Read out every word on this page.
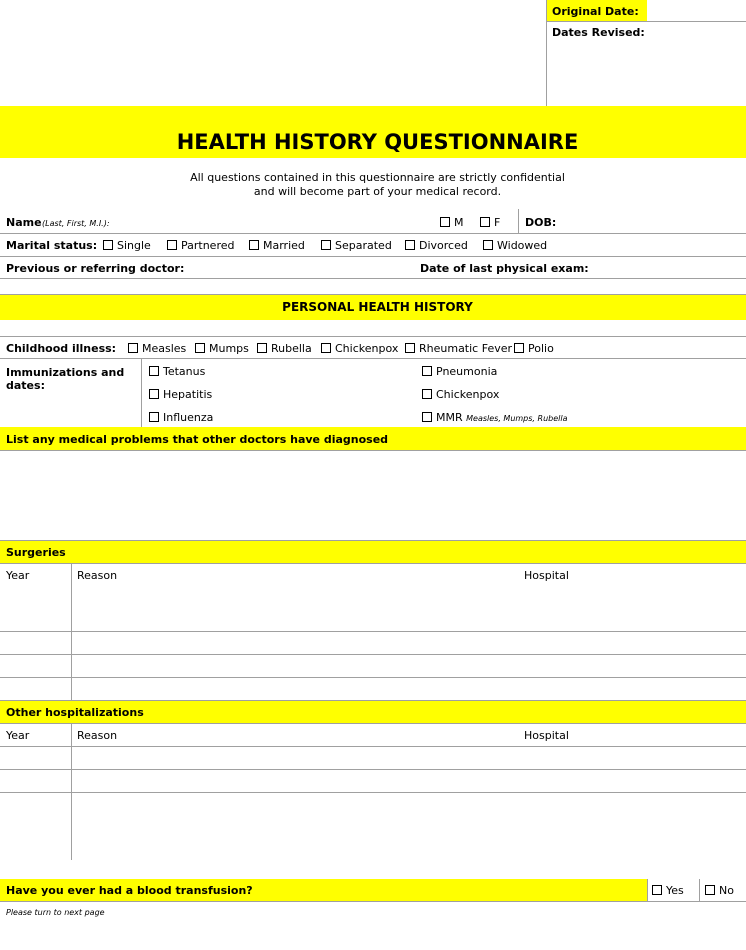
Original Date:
Dates Revised:
HEALTH HISTORY QUESTIONNAIRE
All questions contained in this questionnaire are strictly confidential
and will become part of your medical record.
Name (Last, First, M.I.):	M	F DOB:
Marital status:	Single	Partnered	Married	Separated	Divorced	Widowed
Previous or referring doctor:	Date of last physical exam:
PERSONAL HEALTH HISTORY
Childhood illness:	Measles	Mumps	Rubella	Chickenpox	Rheumatic Fever	Polio
Immunizations and
dates:
Tetanus
Hepatitis
Influenza
Pneumonia
Chickenpox
MMR Measles, Mumps, Rubella
List any medical problems that other doctors have diagnosed
Surgeries
Year	Reason	Hospital
Other hospitalizations
Year	Reason	Hospital
Have you ever had a blood transfusion?	Yes	No
Please turn to next page
